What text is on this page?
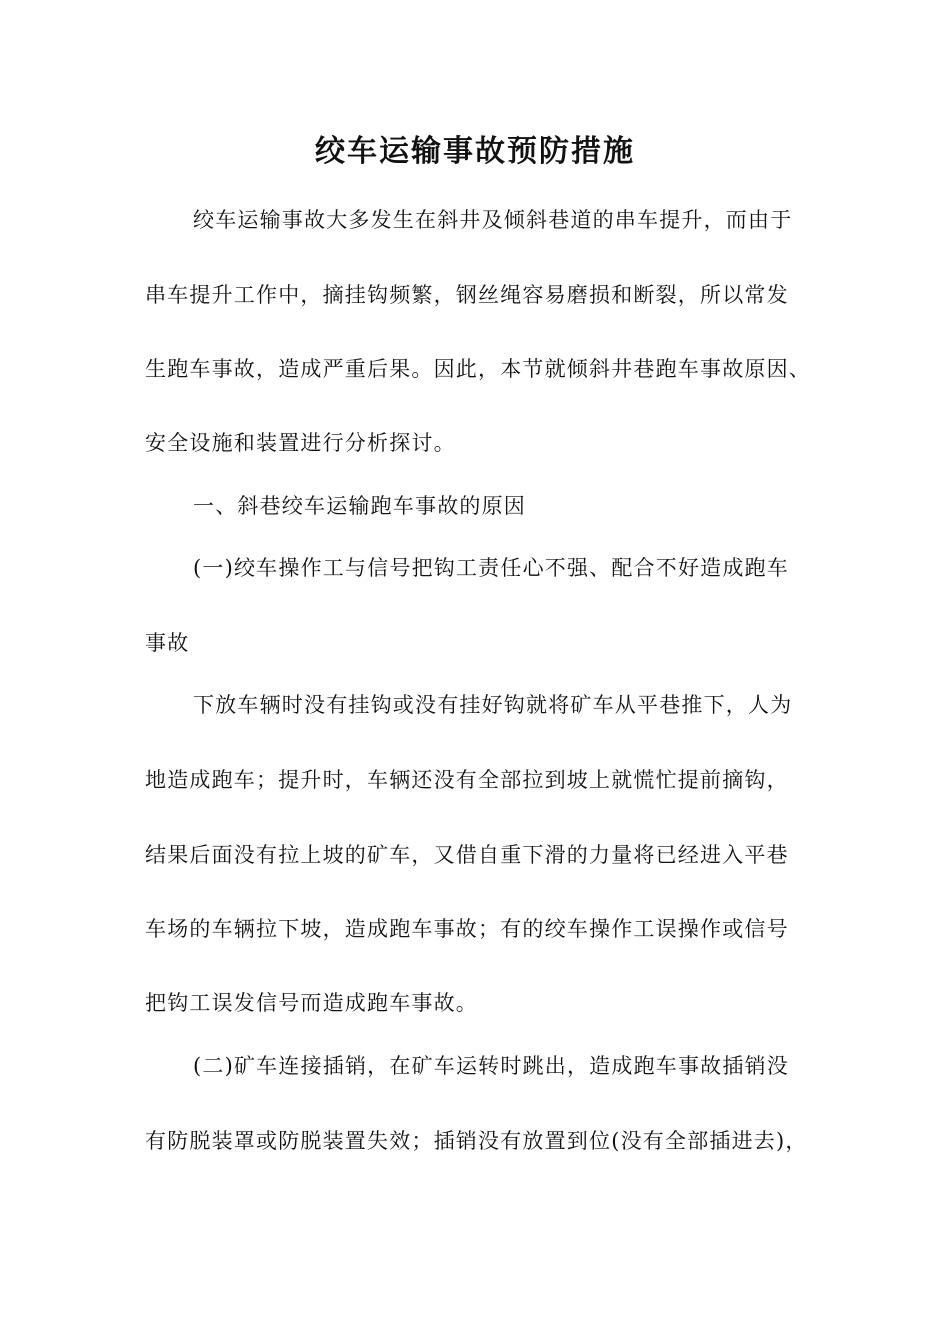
绞车运输事故预防措施

绞车运输事故大多发生在斜井及倾斜巷道的串车提升，而由于

串车提升工作中，摘挂钩频繁，钢丝绳容易磨损和断裂，所以常发

生跑车事故，造成严重后果。因此，本节就倾斜井巷跑车事故原因、

安全设施和装置进行分析探讨。

一、斜巷绞车运输跑车事故的原因

(一)绞车操作工与信号把钩工责任心不强、配合不好造成跑车

事故

下放车辆时没有挂钩或没有挂好钩就将矿车从平巷推下，人为

地造成跑车；提升时，车辆还没有全部拉到坡上就慌忙提前摘钩，

结果后面没有拉上坡的矿车，又借自重下滑的力量将已经进入平巷

车场的车辆拉下坡，造成跑车事故；有的绞车操作工误操作或信号

把钩工误发信号而造成跑车事故。

(二)矿车连接插销，在矿车运转时跳出，造成跑车事故插销没

有防脱装罩或防脱装置失效；插销没有放置到位(没有全部插进去)，
